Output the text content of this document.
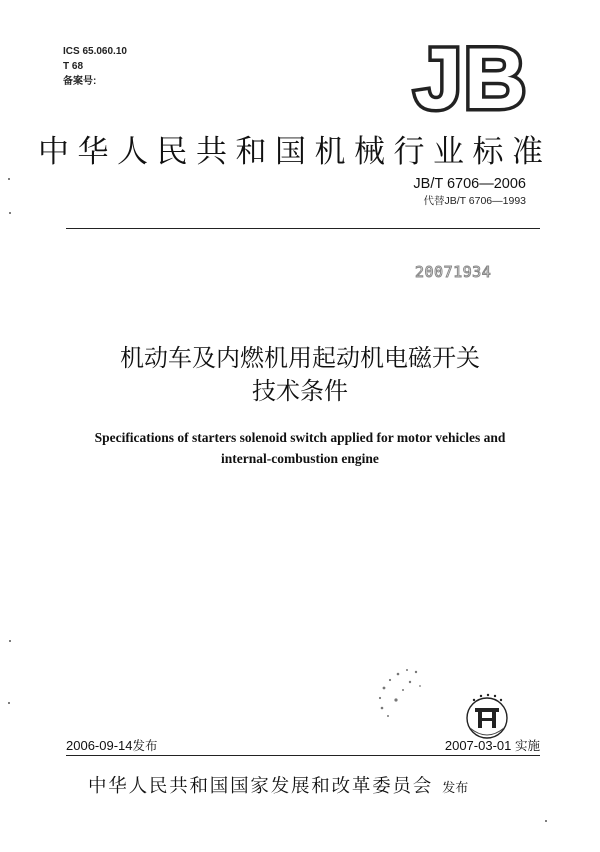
ICS 65.060.10
T 68
备案号:	JB
中华人民共和国机械行业标准
JB/T 6706—2006
代替JB/T 6706—1993
20071934
机动车及内燃机用起动机电磁开关
技术条件
Specifications of starters solenoid switch applied for motor vehicles and
internal-combustion engine
2006-09-14发布	2007-03-01 实施
中华人民共和国国家发展和改革委员会 发布
